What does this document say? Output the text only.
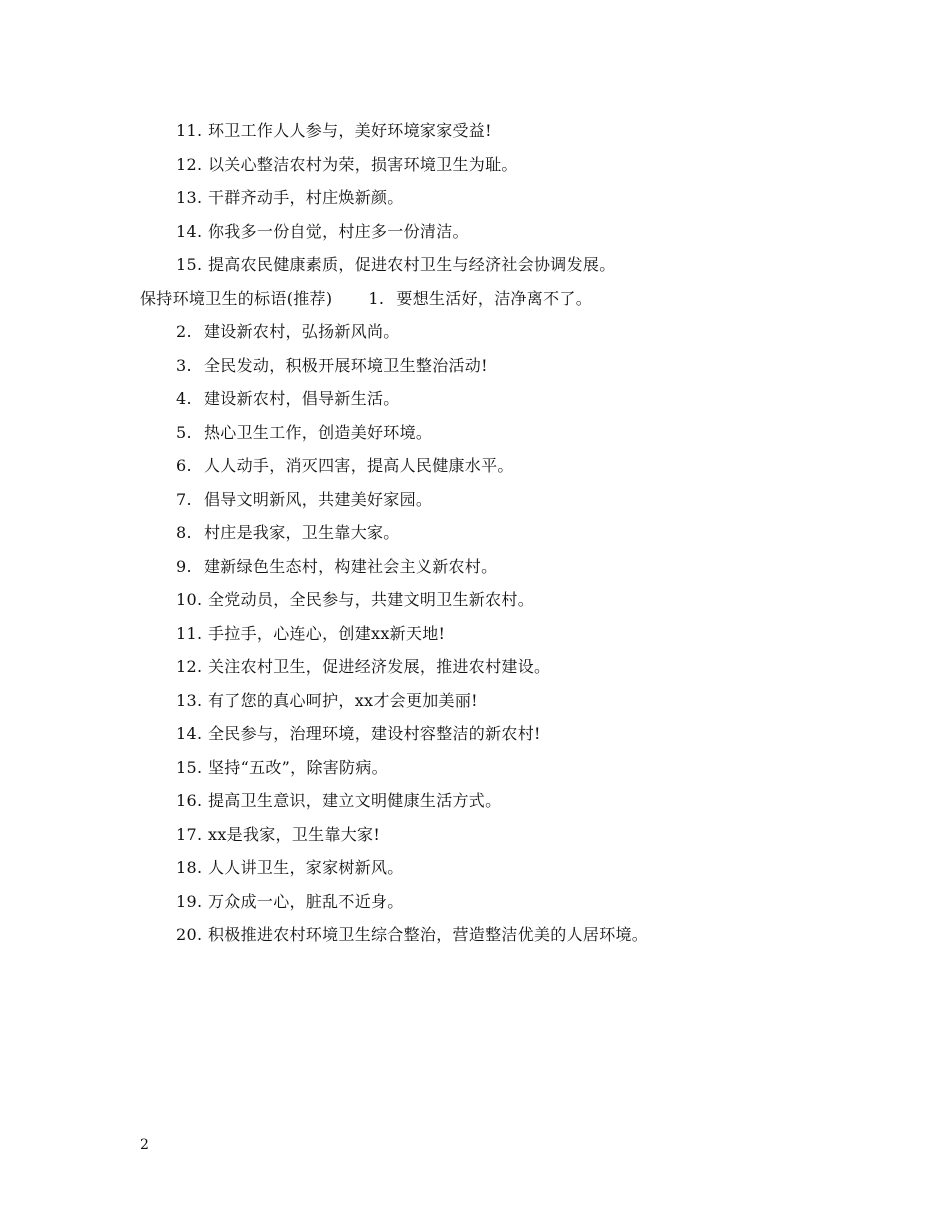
11. 环卫工作人人参与，美好环境家家受益!
12. 以关心整洁农村为荣，损害环境卫生为耻。
13. 干群齐动手，村庄焕新颜。
14. 你我多一份自觉，村庄多一份清洁。
15. 提高农民健康素质，促进农村卫生与经济社会协调发展。
保持环境卫生的标语(推荐) 1. 要想生活好，洁净离不了。
2. 建设新农村，弘扬新风尚。
3. 全民发动，积极开展环境卫生整治活动!
4. 建设新农村，倡导新生活。
5. 热心卫生工作，创造美好环境。
6. 人人动手，消灭四害，提高人民健康水平。
7. 倡导文明新风，共建美好家园。
8. 村庄是我家，卫生靠大家。
9. 建新绿色生态村，构建社会主义新农村。
10. 全党动员，全民参与，共建文明卫生新农村。
11. 手拉手，心连心，创建xx新天地!
12. 关注农村卫生，促进经济发展，推进农村建设。
13. 有了您的真心呵护，xx才会更加美丽!
14. 全民参与，治理环境，建设村容整洁的新农村!
15. 坚持“五改”，除害防病。
16. 提高卫生意识，建立文明健康生活方式。
17. xx是我家，卫生靠大家!
18. 人人讲卫生，家家树新风。
19. 万众成一心，脏乱不近身。
20. 积极推进农村环境卫生综合整治，营造整洁优美的人居环境。
2
